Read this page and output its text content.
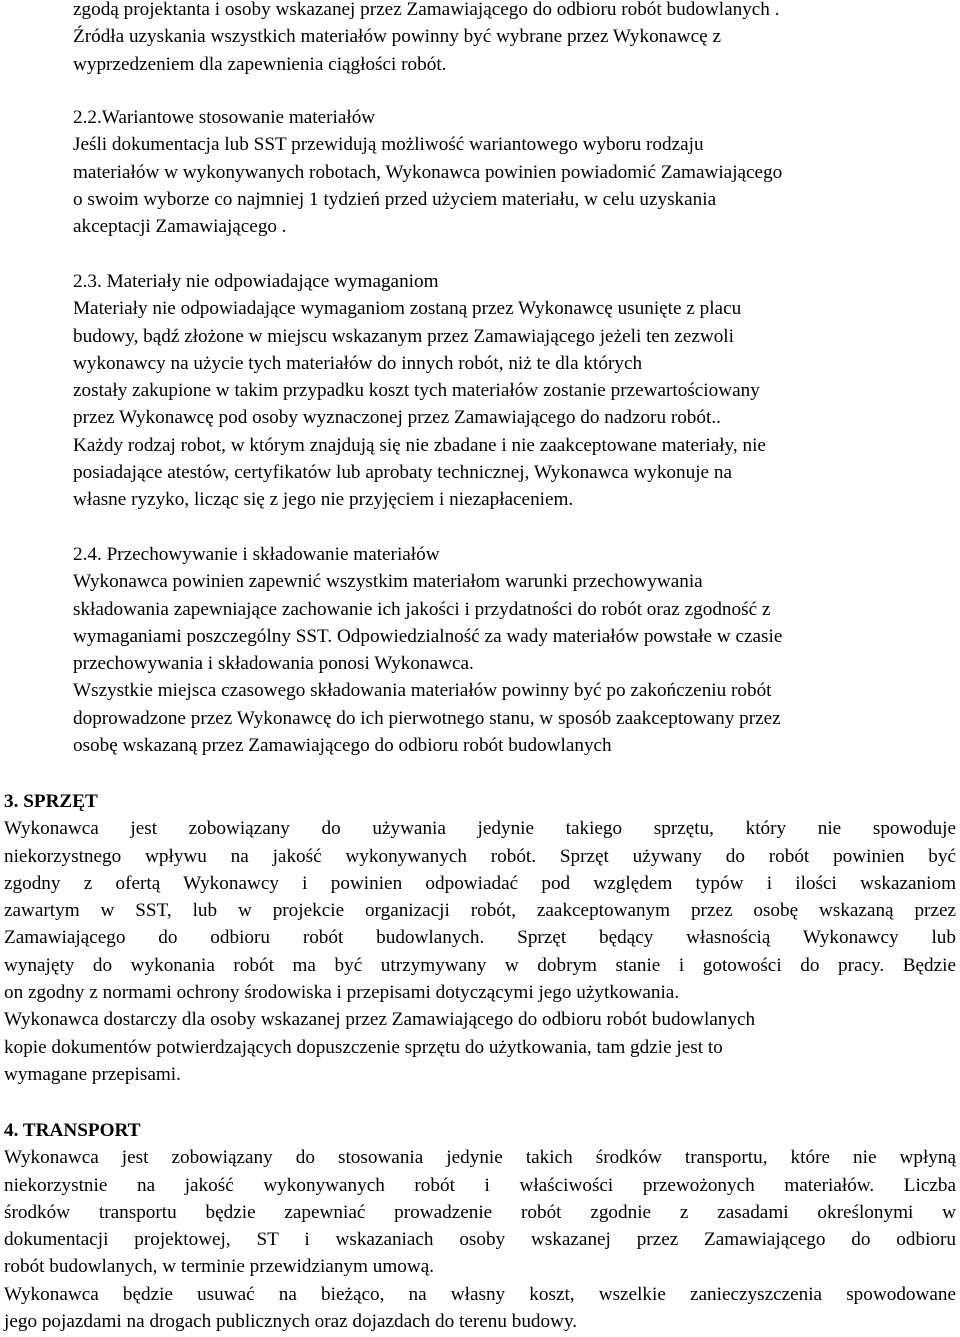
zgodą projektanta i osoby wskazanej przez Zamawiającego do odbioru robót budowlanych .
Źródła uzyskania wszystkich materiałów powinny być wybrane przez Wykonawcę z
wyprzedzeniem dla zapewnienia ciągłości robót.
2.2.Wariantowe stosowanie materiałów
Jeśli dokumentacja lub SST przewidują możliwość wariantowego wyboru rodzaju
materiałów w wykonywanych robotach, Wykonawca powinien powiadomić Zamawiającego
o swoim wyborze co najmniej 1 tydzień przed użyciem materiału, w celu uzyskania
akceptacji Zamawiającego .
2.3. Materiały nie odpowiadające wymaganiom
Materiały nie odpowiadające wymaganiom zostaną przez Wykonawcę usunięte z placu
budowy, bądź złożone w miejscu wskazanym przez Zamawiającego jeżeli ten zezwoli
wykonawcy na użycie tych materiałów do innych robót, niż te dla których
zostały zakupione w takim przypadku koszt tych materiałów zostanie przewartościowany
przez Wykonawcę pod osoby wyznaczonej przez Zamawiającego do nadzoru robót..
Każdy rodzaj robot, w którym znajdują się nie zbadane i nie zaakceptowane materiały, nie
posiadające atestów, certyfikatów lub aprobaty technicznej, Wykonawca wykonuje na
własne ryzyko, licząc się z jego nie przyjęciem i niezapłaceniem.
2.4. Przechowywanie i składowanie materiałów
Wykonawca powinien zapewnić wszystkim materiałom warunki przechowywania
składowania zapewniające zachowanie ich jakości i przydatności do robót oraz zgodność z
wymaganiami poszczególny SST. Odpowiedzialność za wady materiałów powstałe w czasie
przechowywania i składowania ponosi Wykonawca.
Wszystkie miejsca czasowego składowania materiałów powinny być po zakończeniu robót
doprowadzone przez Wykonawcę do ich pierwotnego stanu, w sposób zaakceptowany przez
osobę wskazaną przez Zamawiającego do odbioru robót budowlanych
3. SPRZĘT
Wykonawca jest zobowiązany do używania jedynie takiego sprzętu, który nie spowoduje
niekorzystnego wpływu na jakość wykonywanych robót. Sprzęt używany do robót powinien być
zgodny z ofertą Wykonawcy i powinien odpowiadać pod względem typów i ilości wskazaniom
zawartym w SST, lub w projekcie organizacji robót, zaakceptowanym przez osobę wskazaną przez
Zamawiającego do odbioru robót budowlanych. Sprzęt będący własnością Wykonawcy lub
wynajęty do wykonania robót ma być utrzymywany w dobrym stanie i gotowości do pracy. Będzie
on zgodny z normami ochrony środowiska i przepisami dotyczącymi jego użytkowania.
Wykonawca dostarczy dla osoby wskazanej przez Zamawiającego do odbioru robót budowlanych
kopie dokumentów potwierdzających dopuszczenie sprzętu do użytkowania, tam gdzie jest to
wymagane przepisami.
4. TRANSPORT
Wykonawca jest zobowiązany do stosowania jedynie takich środków transportu, które nie wpłyną
niekorzystnie na jakość wykonywanych robót i właściwości przewożonych materiałów. Liczba
środków transportu będzie zapewniać prowadzenie robót zgodnie z zasadami określonymi w
dokumentacji projektowej, ST i wskazaniach osoby wskazanej przez Zamawiającego do odbioru
robót budowlanych, w terminie przewidzianym umową.
Wykonawca będzie usuwać na bieżąco, na własny koszt, wszelkie zanieczyszczenia spowodowane
jego pojazdami na drogach publicznych oraz dojazdach do terenu budowy.
